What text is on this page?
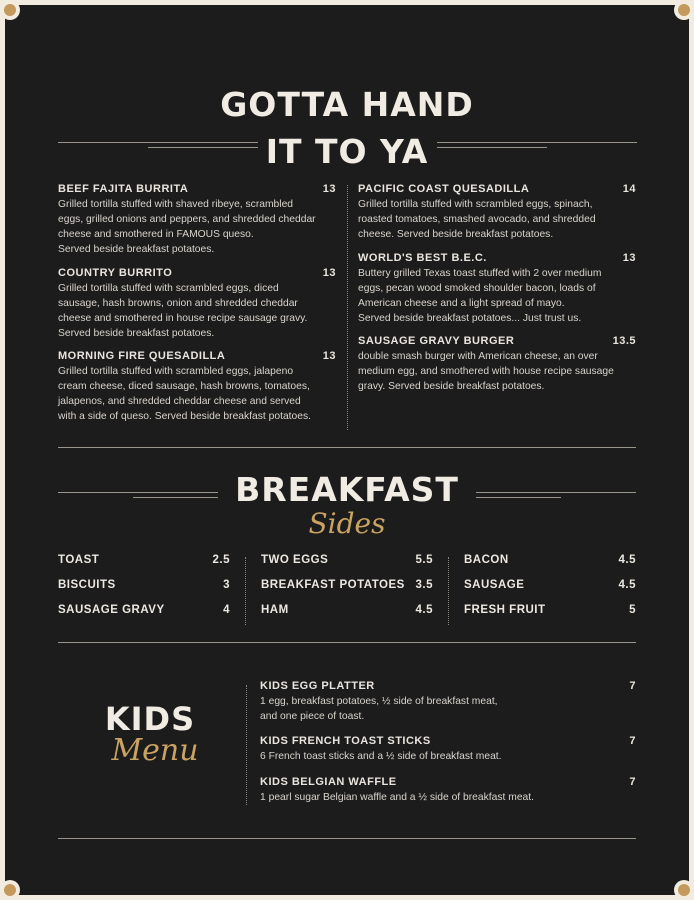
GOTTA HAND
IT TO YA
BEEF FAJITA BURRITA	13
Grilled tortilla stuffed with shaved ribeye, scrambled
eggs, grilled onions and peppers, and shredded cheddar
cheese and smothered in FAMOUS queso.
Served beside breakfast potatoes.
COUNTRY BURRITO	13
Grilled tortilla stuffed with scrambled eggs, diced
sausage, hash browns, onion and shredded cheddar
cheese and smothered in house recipe sausage gravy.
Served beside breakfast potatoes.
MORNING FIRE QUESADILLA	13
Grilled tortilla stuffed with scrambled eggs, jalapeno
cream cheese, diced sausage, hash browns, tomatoes,
jalapenos, and shredded cheddar cheese and served
with a side of queso. Served beside breakfast potatoes.
PACIFIC COAST QUESADILLA	14
Grilled tortilla stuffed with scrambled eggs, spinach,
roasted tomatoes, smashed avocado, and shredded
cheese. Served beside breakfast potatoes.
WORLD'S BEST B.E.C.	13
Buttery grilled Texas toast stuffed with 2 over medium
eggs, pecan wood smoked shoulder bacon, loads of
American cheese and a light spread of mayo.
Served beside breakfast potatoes... Just trust us.
SAUSAGE GRAVY BURGER	13.5
double smash burger with American cheese, an over
medium egg, and smothered with house recipe sausage
gravy. Served beside breakfast potatoes.
BREAKFAST
Sides
TOAST	2.5
BISCUITS	3
SAUSAGE GRAVY	4
TWO EGGS	5.5
BREAKFAST POTATOES 3.5
HAM	4.5
BACON	4.5
SAUSAGE	4.5
FRESH FRUIT	5
KIDS
Menu
KIDS EGG PLATTER	7
1 egg, breakfast potatoes, ½ side of breakfast meat,
and one piece of toast.
KIDS FRENCH TOAST STICKS	7
6 French toast sticks and a ½ side of breakfast meat.
KIDS BELGIAN WAFFLE	7
1 pearl sugar Belgian waffle and a ½ side of breakfast meat.
